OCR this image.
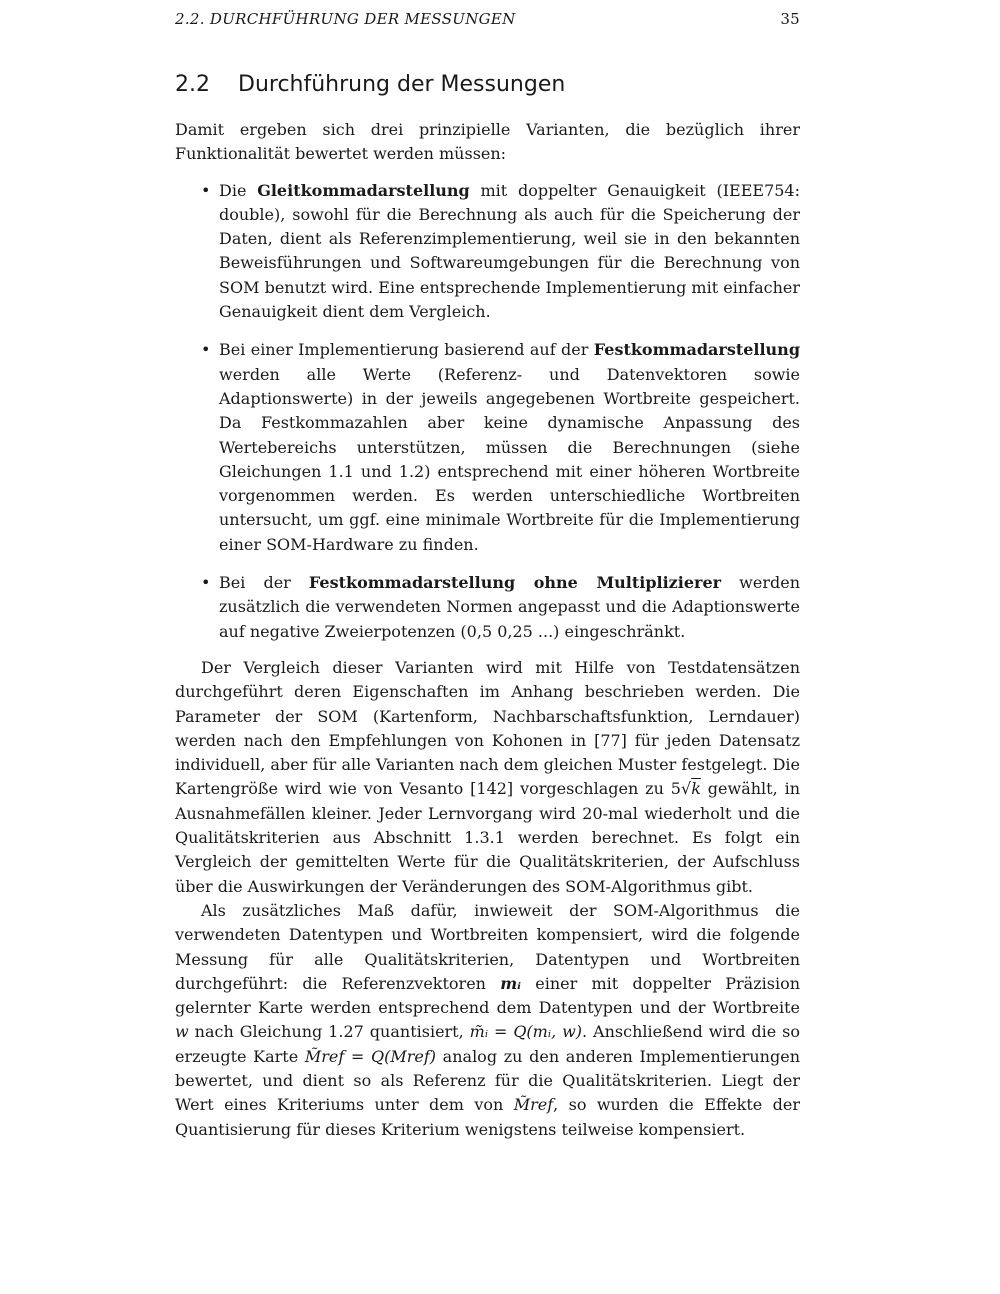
2.2. DURCHFÜHRUNG DER MESSUNGEN	35
2.2 Durchführung der Messungen

Damit ergeben sich drei prinzipielle Varianten, die bezüglich ihrer Funktionalität bewertet werden müssen:

• Die Gleitkommadarstellung mit doppelter Genauigkeit (IEEE754: double), sowohl für die Berechnung als auch für die Speicherung der Daten, dient als Referenzimplementierung, weil sie in den bekannten Beweisführungen und Softwareumgebungen für die Berechnung von SOM benutzt wird. Eine entsprechende Implementierung mit einfacher Genauigkeit dient dem Vergleich.
• Bei einer Implementierung basierend auf der Festkommadarstellung werden alle Werte (Referenz- und Datenvektoren sowie Adaptionswerte) in der jeweils angegebenen Wortbreite gespeichert. Da Festkommazahlen aber keine dynamische Anpassung des Wertebereichs unterstützen, müssen die Berechnungen (siehe Gleichungen 1.1 und 1.2) entsprechend mit einer höheren Wortbreite vorgenommen werden. Es werden unterschiedliche Wortbreiten untersucht, um ggf. eine minimale Wortbreite für die Implementierung einer SOM-Hardware zu finden.
• Bei der Festkommadarstellung ohne Multiplizierer werden zusätzlich die verwendeten Normen angepasst und die Adaptionswerte auf negative Zweierpotenzen (0,5 0,25 ...) eingeschränkt.

Der Vergleich dieser Varianten wird mit Hilfe von Testdatensätzen durchgeführt deren Eigenschaften im Anhang beschrieben werden. Die Parameter der SOM (Kartenform, Nachbarschaftsfunktion, Lerndauer) werden nach den Empfehlungen von Kohonen in [77] für jeden Datensatz individuell, aber für alle Varianten nach dem gleichen Muster festgelegt. Die Kartengröße wird wie von Vesanto [142] vorgeschlagen zu 5√k gewählt, in Ausnahmefällen kleiner. Jeder Lernvorgang wird 20-mal wiederholt und die Qualitätskriterien aus Abschnitt 1.3.1 werden berechnet. Es folgt ein Vergleich der gemittelten Werte für die Qualitätskriterien, der Aufschluss über die Auswirkungen der Veränderungen des SOM-Algorithmus gibt.

Als zusätzliches Maß dafür, inwieweit der SOM-Algorithmus die verwendeten Datentypen und Wortbreiten kompensiert, wird die folgende Messung für alle Qualitätskriterien, Datentypen und Wortbreiten durchgeführt: die Referenzvektoren mᵢ einer mit doppelter Präzision gelernter Karte werden entsprechend dem Datentypen und der Wortbreite w nach Gleichung 1.27 quantisiert, m̃ᵢ = Q(mᵢ, w). Anschließend wird die so erzeugte Karte M̃ref = Q(Mref) analog zu den anderen Implementierungen bewertet, und dient so als Referenz für die Qualitätskriterien. Liegt der Wert eines Kriteriums unter dem von M̃ref, so wurden die Effekte der Quantisierung für dieses Kriterium wenigstens teilweise kompensiert.
